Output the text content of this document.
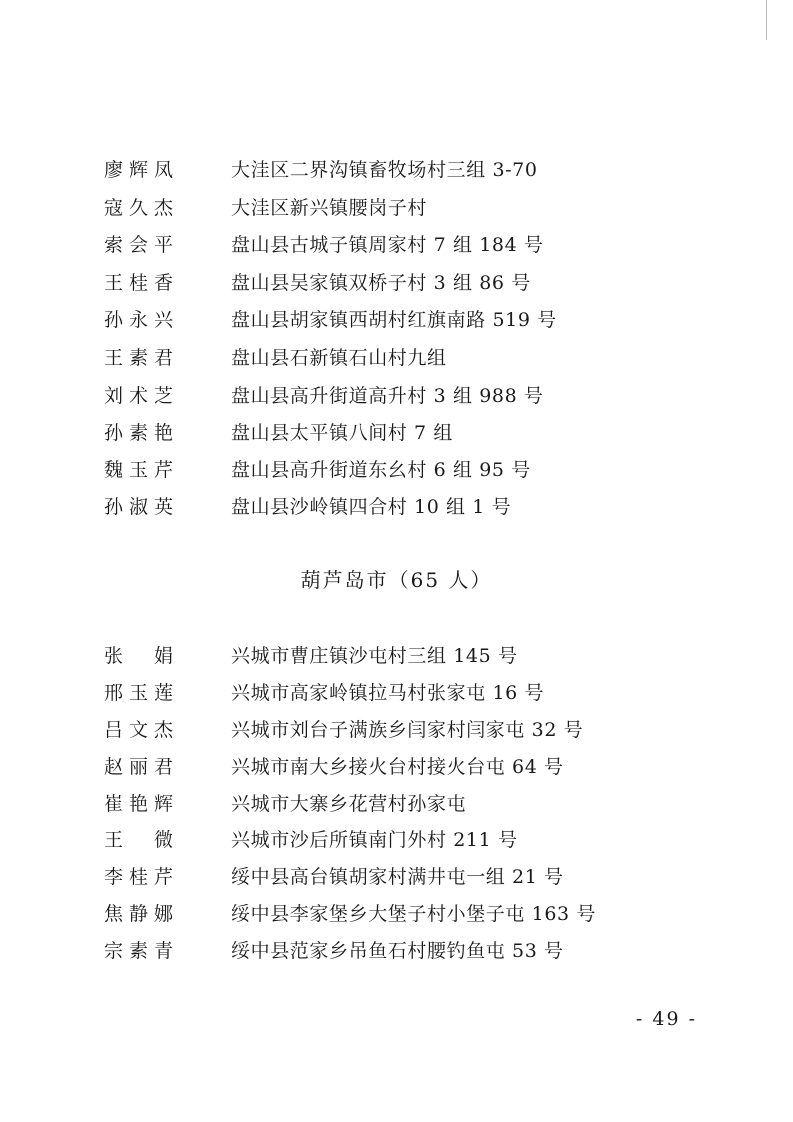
廖辉凤	大洼区二界沟镇畜牧场村三组 3-70
寇久杰	大洼区新兴镇腰岗子村
索会平	盘山县古城子镇周家村 7 组 184 号
王桂香	盘山县吴家镇双桥子村 3 组 86 号
孙永兴	盘山县胡家镇西胡村红旗南路 519 号
王素君	盘山县石新镇石山村九组
刘术芝	盘山县高升街道高升村 3 组 988 号
孙素艳	盘山县太平镇八间村 7 组
魏玉芹	盘山县高升街道东幺村 6 组 95 号
孙淑英	盘山县沙岭镇四合村 10 组 1 号
葫芦岛市（65 人）
张 娟	兴城市曹庄镇沙屯村三组 145 号
邢玉莲	兴城市高家岭镇拉马村张家屯 16 号
吕文杰	兴城市刘台子满族乡闫家村闫家屯 32 号
赵丽君	兴城市南大乡接火台村接火台屯 64 号
崔艳辉	兴城市大寨乡花营村孙家屯
王 微	兴城市沙后所镇南门外村 211 号
李桂芹	绥中县高台镇胡家村满井屯一组 21 号
焦静娜	绥中县李家堡乡大堡子村小堡子屯 163 号
宗素青	绥中县范家乡吊鱼石村腰钓鱼屯 53 号
- 49 -
